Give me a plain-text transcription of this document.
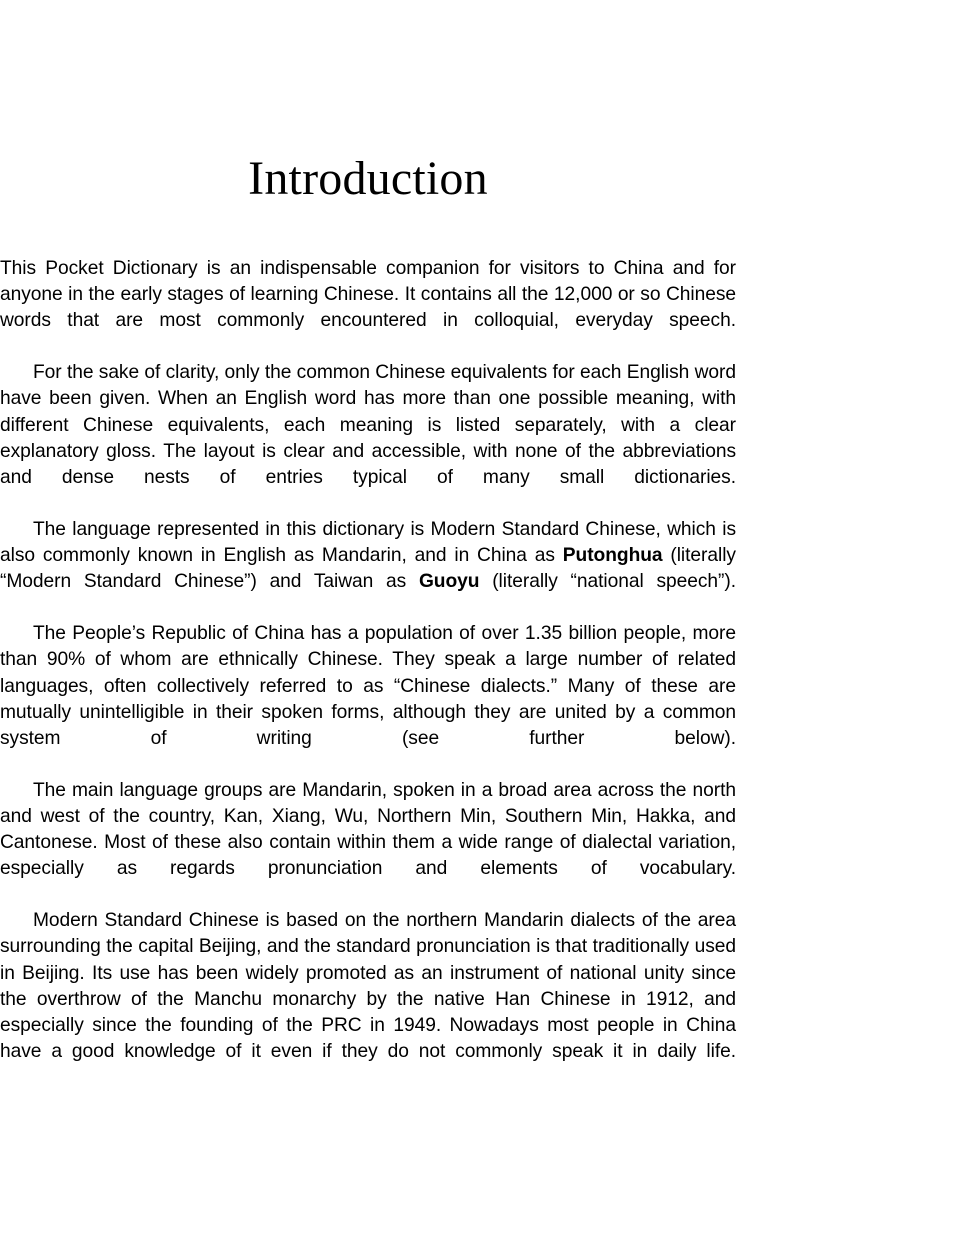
Introduction

This Pocket Dictionary is an indispensable companion for visitors to China and for anyone in the early stages of learning Chinese. It contains all the 12,000 or so Chinese words that are most commonly encountered in colloquial, everyday speech.

For the sake of clarity, only the common Chinese equivalents for each English word have been given. When an English word has more than one possible meaning, with different Chinese equivalents, each meaning is listed separately, with a clear explanatory gloss. The layout is clear and accessible, with none of the abbreviations and dense nests of entries typical of many small dictionaries.

The language represented in this dictionary is Modern Standard Chinese, which is also commonly known in English as Mandarin, and in China as Putonghua (literally “Modern Standard Chinese”) and Taiwan as Guoyu (literally “national speech”).

The People’s Republic of China has a population of over 1.35 billion people, more than 90% of whom are ethnically Chinese. They speak a large number of related languages, often collectively referred to as “Chinese dialects.” Many of these are mutually unintelligible in their spoken forms, although they are united by a common system of writing (see further below).

The main language groups are Mandarin, spoken in a broad area across the north and west of the country, Kan, Xiang, Wu, Northern Min, Southern Min, Hakka, and Cantonese. Most of these also contain within them a wide range of dialectal variation, especially as regards pronunciation and elements of vocabulary.

Modern Standard Chinese is based on the northern Mandarin dialects of the area surrounding the capital Beijing, and the standard pronunciation is that traditionally used in Beijing. Its use has been widely promoted as an instrument of national unity since the overthrow of the Manchu monarchy by the native Han Chinese in 1912, and especially since the founding of the PRC in 1949. Nowadays most people in China have a good knowledge of it even if they do not commonly speak it in daily life.
